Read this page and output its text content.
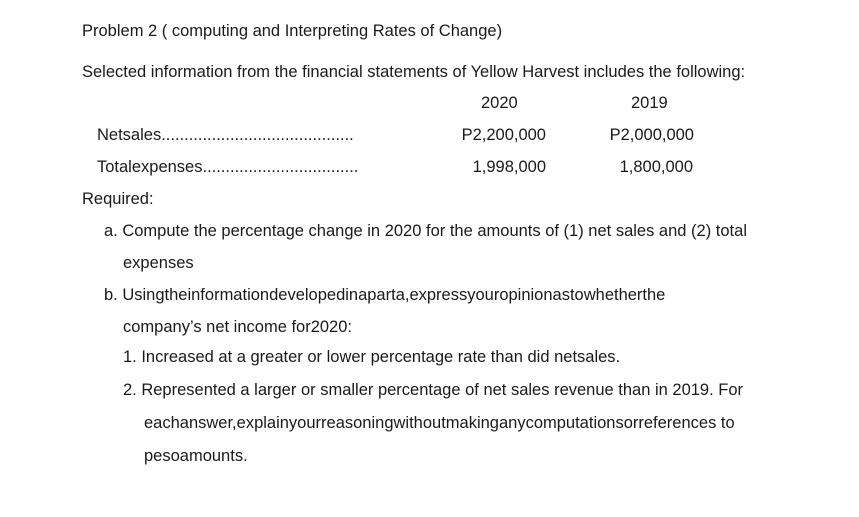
Problem 2 ( computing and Interpreting Rates of Change)
Selected information from the financial statements of Yellow Harvest includes the following:
2020	2019
Netsales..........................................	P2,200,000	P2,000,000
Totalexpenses..................................	1,998,000	1,800,000
Required:
a. Compute the percentage change in 2020 for the amounts of (1) net sales and (2) total
expenses
b. Usingtheinformationdevelopedinaparta,expressyouropinionastowhetherthe
company’s net income for2020:
1. Increased at a greater or lower percentage rate than did netsales.
2. Represented a larger or smaller percentage of net sales revenue than in 2019. For
eachanswer,explainyourreasoningwithoutmakinganycomputationsorreferences to
pesoamounts.
